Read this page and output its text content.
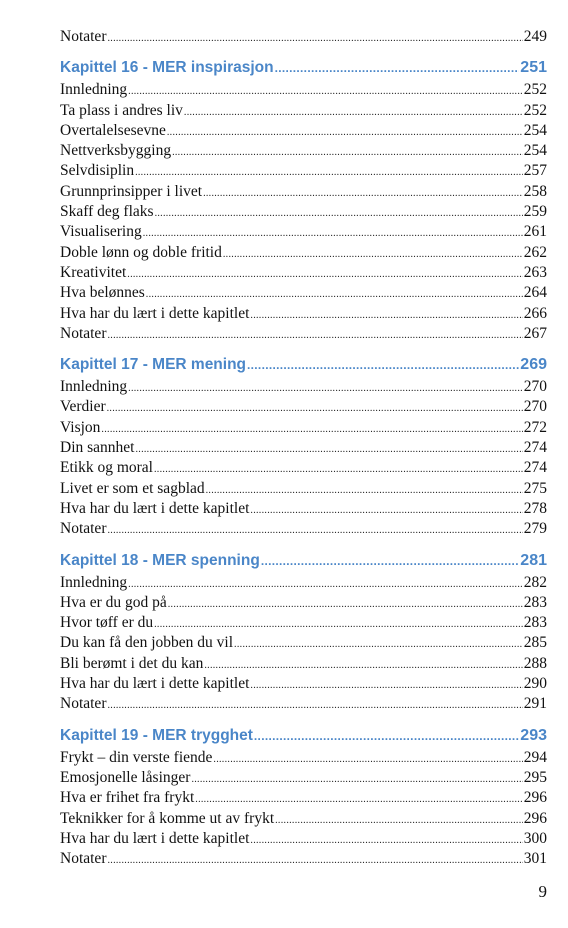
Notater .....	249
Kapittel 16 - MER inspirasjon .....	251
Innledning .....	252
Ta plass i andres liv .....	252
Overtalelsesevne .....	254
Nettverksbygging .....	254
Selvdisiplin .....	257
Grunnprinsipper i livet .....	258
Skaff deg flaks .....	259
Visualisering .....	261
Doble lønn og doble fritid .....	262
Kreativitet .....	263
Hva belønnes .....	264
Hva har du lært i dette kapitlet .....	266
Notater .....	267
Kapittel 17 - MER mening .....	269
Innledning .....	270
Verdier .....	270
Visjon .....	272
Din sannhet .....	274
Etikk og moral .....	274
Livet er som et sagblad .....	275
Hva har du lært i dette kapitlet .....	278
Notater .....	279
Kapittel 18 - MER spenning .....	281
Innledning .....	282
Hva er du god på .....	283
Hvor tøff er du .....	283
Du kan få den jobben du vil .....	285
Bli berømt i det du kan .....	288
Hva har du lært i dette kapitlet .....	290
Notater .....	291
Kapittel 19 - MER trygghet .....	293
Frykt – din verste fiende .....	294
Emosjonelle låsinger .....	295
Hva er frihet fra frykt .....	296
Teknikker for å komme ut av frykt .....	296
Hva har du lært i dette kapitlet .....	300
Notater .....	301
9
